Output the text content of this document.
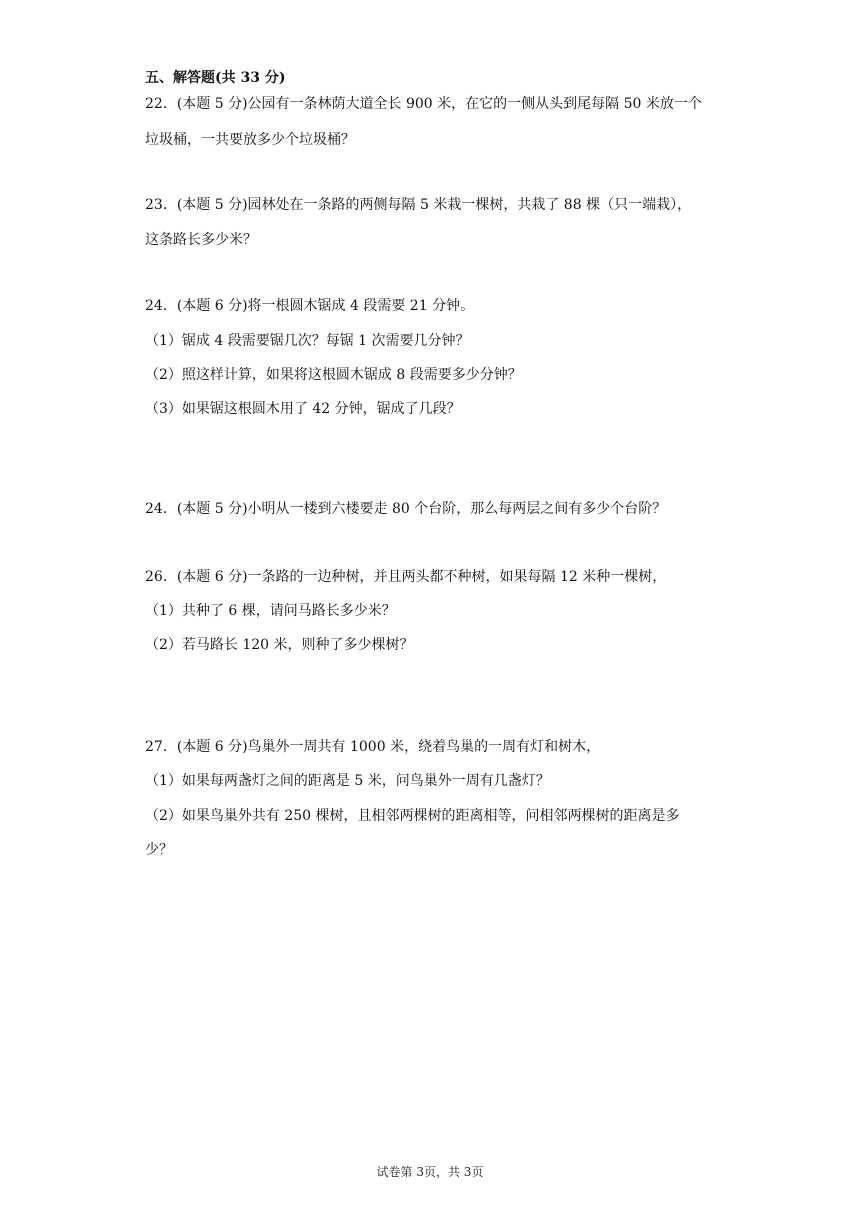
五、解答题(共 33 分)

22．(本题 5 分)公园有一条林荫大道全长 900 米，在它的一侧从头到尾每隔 50 米放一个

垃圾桶，一共要放多少个垃圾桶？

23．(本题 5 分)园林处在一条路的两侧每隔 5 米栽一棵树，共栽了 88 棵（只一端栽），

这条路长多少米？

24．(本题 6 分)将一根圆木锯成 4 段需要 21 分钟。

（1）锯成 4 段需要锯几次？每锯 1 次需要几分钟？

（2）照这样计算，如果将这根圆木锯成 8 段需要多少分钟？

（3）如果锯这根圆木用了 42 分钟，锯成了几段？

24．(本题 5 分)小明从一楼到六楼要走 80 个台阶，那么每两层之间有多少个台阶？

26．(本题 6 分)一条路的一边种树，并且两头都不种树，如果每隔 12 米种一棵树，

（1）共种了 6 棵，请问马路长多少米？

（2）若马路长 120 米，则种了多少棵树？

27．(本题 6 分)鸟巢外一周共有 1000 米，绕着鸟巢的一周有灯和树木，

（1）如果每两盏灯之间的距离是 5 米，问鸟巢外一周有几盏灯？

（2）如果鸟巢外共有 250 棵树，且相邻两棵树的距离相等，问相邻两棵树的距离是多

少？

试卷第 3页，共 3页
